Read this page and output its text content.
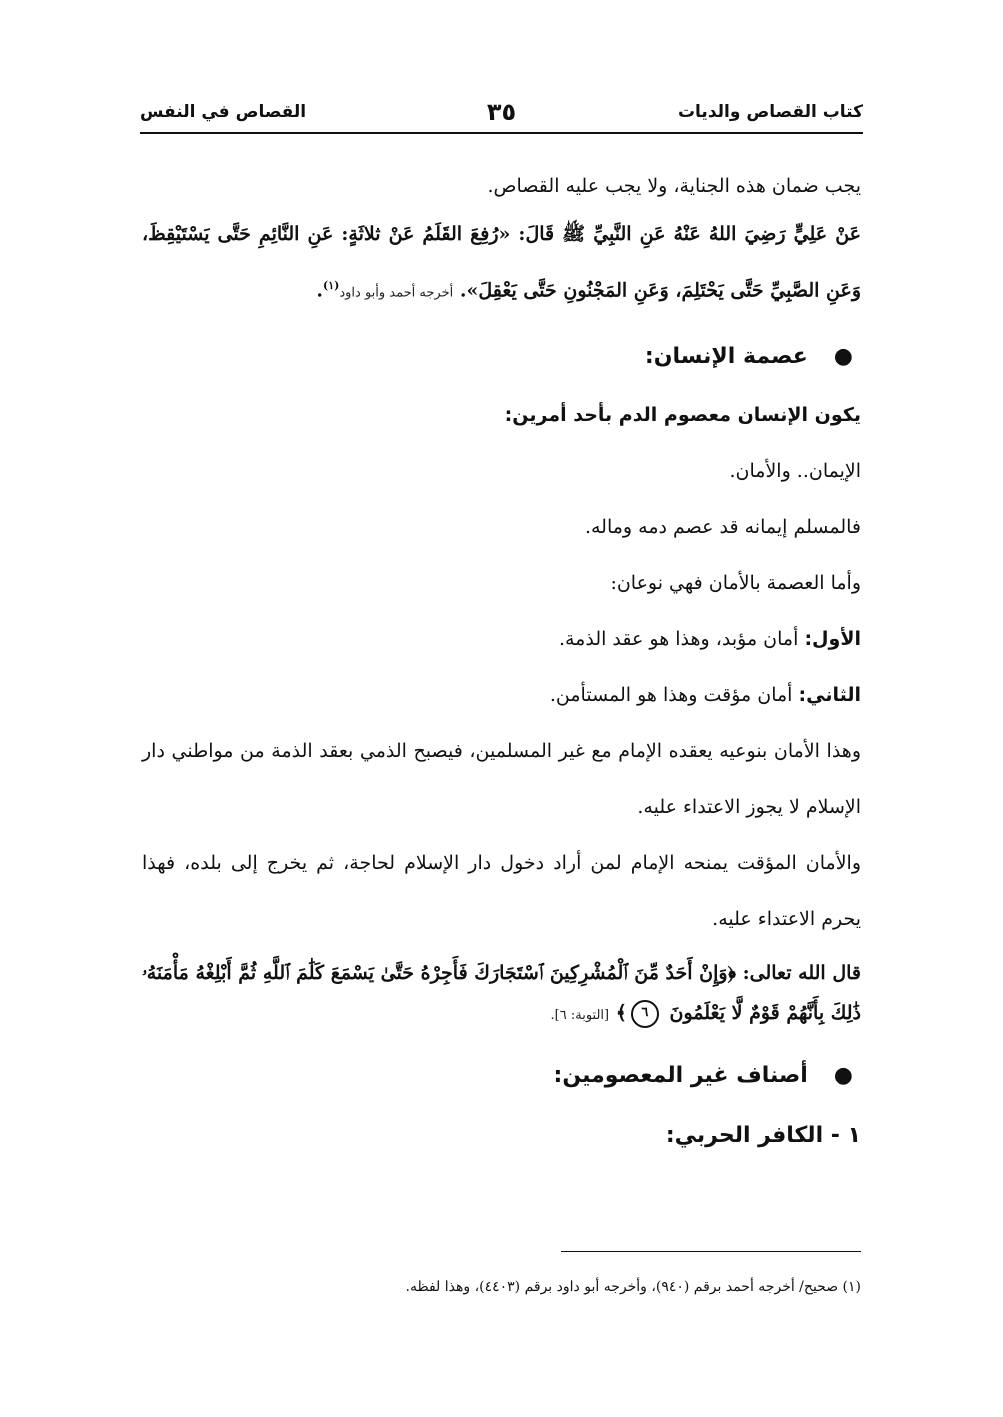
كتاب القصاص والديات
٣٥
القصاص في النفس

يجب ضمان هذه الجناية، ولا يجب عليه القصاص.

عَنْ عَلِيٍّ رَضِيَ اللهُ عَنْهُ عَنِ النَّبِيِّ ﷺ قَالَ: «رُفِعَ القَلَمُ عَنْ ثلاثَةٍ: عَنِ النَّائِمِ حَتَّى يَسْتَيْقِظَ، وَعَنِ الصَّبِيِّ حَتَّى يَحْتَلِمَ، وَعَنِ المَجْنُونِ حَتَّى يَعْقِلَ». أخرجه أحمد وأبو داود$^{(١)}$.

●عصمة الإنسان:

يكون الإنسان معصوم الدم بأحد أمرين:

الإيمان.. والأمان.

فالمسلم إيمانه قد عصم دمه وماله.

وأما العصمة بالأمان فهي نوعان:

الأول: أمان مؤبد، وهذا هو عقد الذمة.

الثاني: أمان مؤقت وهذا هو المستأمن.

وهذا الأمان بنوعيه يعقده الإمام مع غير المسلمين، فيصبح الذمي بعقد الذمة من مواطني دار الإسلام لا يجوز الاعتداء عليه.

والأمان المؤقت يمنحه الإمام لمن أراد دخول دار الإسلام لحاجة، ثم يخرج إلى بلده، فهذا يحرم الاعتداء عليه.

قال الله تعالى: ﴿وَإِنْ أَحَدٌ مِّنَ ٱلْمُشْرِكِينَ ٱسْتَجَارَكَ فَأَجِرْهُ حَتَّىٰ يَسْمَعَ كَلَٰمَ ٱللَّهِ ثُمَّ أَبْلِغْهُ مَأْمَنَهُۥ ذَٰلِكَ بِأَنَّهُمْ قَوْمٌ لَّا يَعْلَمُونَ ٦﴾ [التوبة: ٦].

●أصناف غير المعصومين:

١ - الكافر الحربي:

(١) صحيح/ أخرجه أحمد برقم (٩٤٠)، وأخرجه أبو داود برقم (٤٤٠٣)، وهذا لفظه.
